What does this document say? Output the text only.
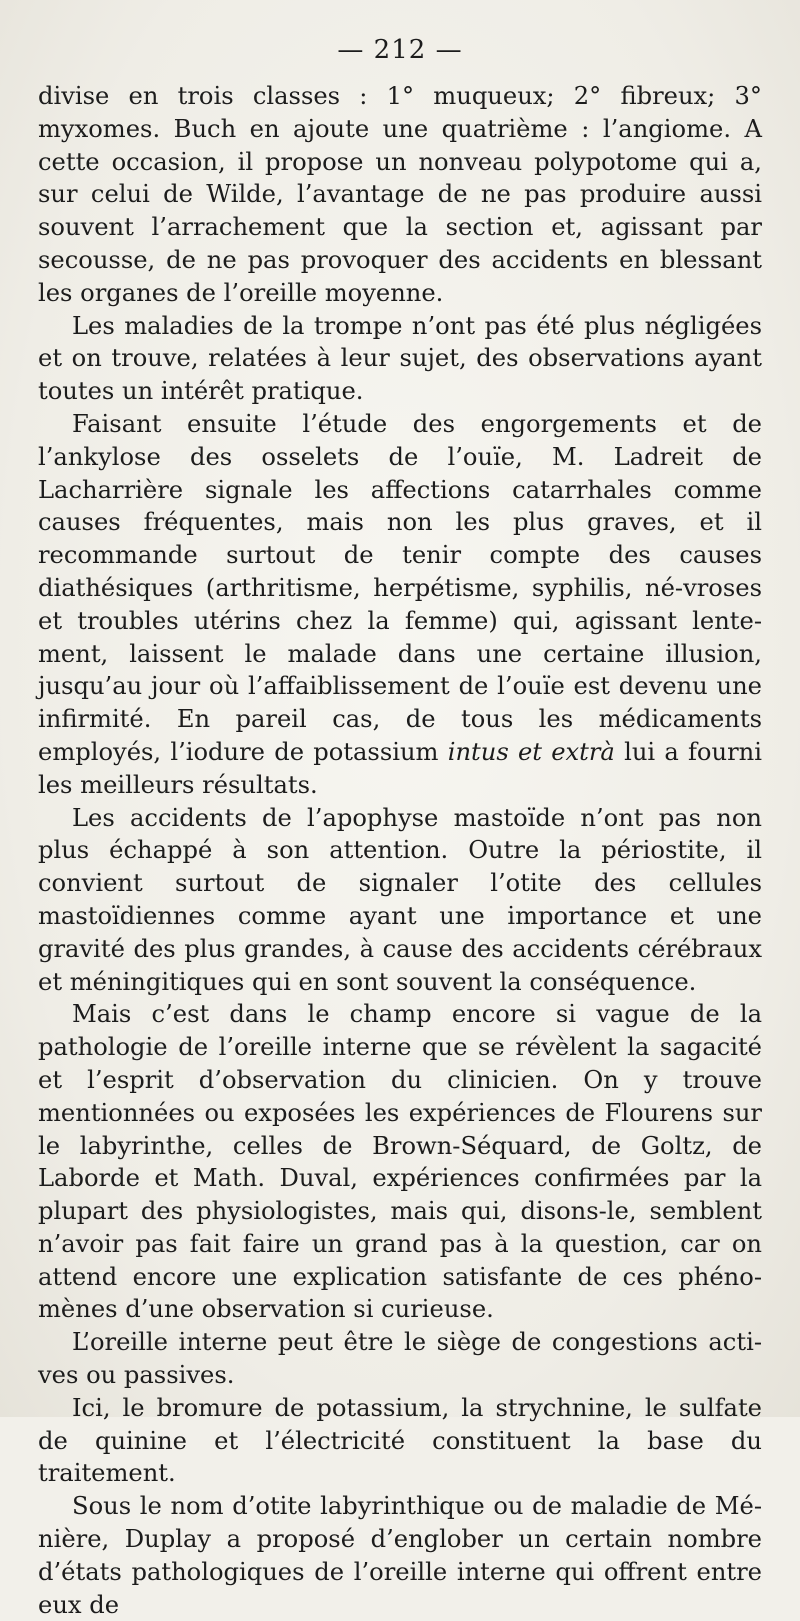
— 212 —

divise en trois classes : 1° muqueux; 2° fibreux; 3° myxomes. Buch en ajoute une quatrième : l’angiome. A cette occasion, il propose un nonveau polypotome qui a, sur celui de Wilde, l’avantage de ne pas produire aussi souvent l’arrachement que la section et, agissant par secousse, de ne pas provoquer des accidents en blessant les organes de l’oreille moyenne.

Les maladies de la trompe n’ont pas été plus négligées et on trouve, relatées à leur sujet, des observations ayant toutes un intérêt pratique.

Faisant ensuite l’étude des engorgements et de l’ankylose des osselets de l’ouïe, M. Ladreit de Lacharrière signale les affections catarrhales comme causes fréquentes, mais non les plus graves, et il recommande surtout de tenir compte des causes diathésiques (arthritisme, herpétisme, syphilis, né-vroses et troubles utérins chez la femme) qui, agissant lente-ment, laissent le malade dans une certaine illusion, jusqu’au jour où l’affaiblissement de l’ouïe est devenu une infirmité. En pareil cas, de tous les médicaments employés, l’iodure de potassium intus et extrà lui a fourni les meilleurs résultats.

Les accidents de l’apophyse mastoïde n’ont pas non plus échappé à son attention. Outre la périostite, il convient surtout de signaler l’otite des cellules mastoïdiennes comme ayant une importance et une gravité des plus grandes, à cause des accidents cérébraux et méningitiques qui en sont souvent la conséquence.

Mais c’est dans le champ encore si vague de la pathologie de l’oreille interne que se révèlent la sagacité et l’esprit d’observation du clinicien. On y trouve mentionnées ou exposées les expériences de Flourens sur le labyrinthe, celles de Brown-Séquard, de Goltz, de Laborde et Math. Duval, expériences confirmées par la plupart des physiologistes, mais qui, disons-le, semblent n’avoir pas fait faire un grand pas à la question, car on attend encore une explication satisfante de ces phéno-mènes d’une observation si curieuse.

L’oreille interne peut être le siège de congestions acti-ves ou passives.

Ici, le bromure de potassium, la strychnine, le sulfate de quinine et l’électricité constituent la base du traitement.

Sous le nom d’otite labyrinthique ou de maladie de Mé-nière, Duplay a proposé d’englober un certain nombre d’états pathologiques de l’oreille interne qui offrent entre eux de
